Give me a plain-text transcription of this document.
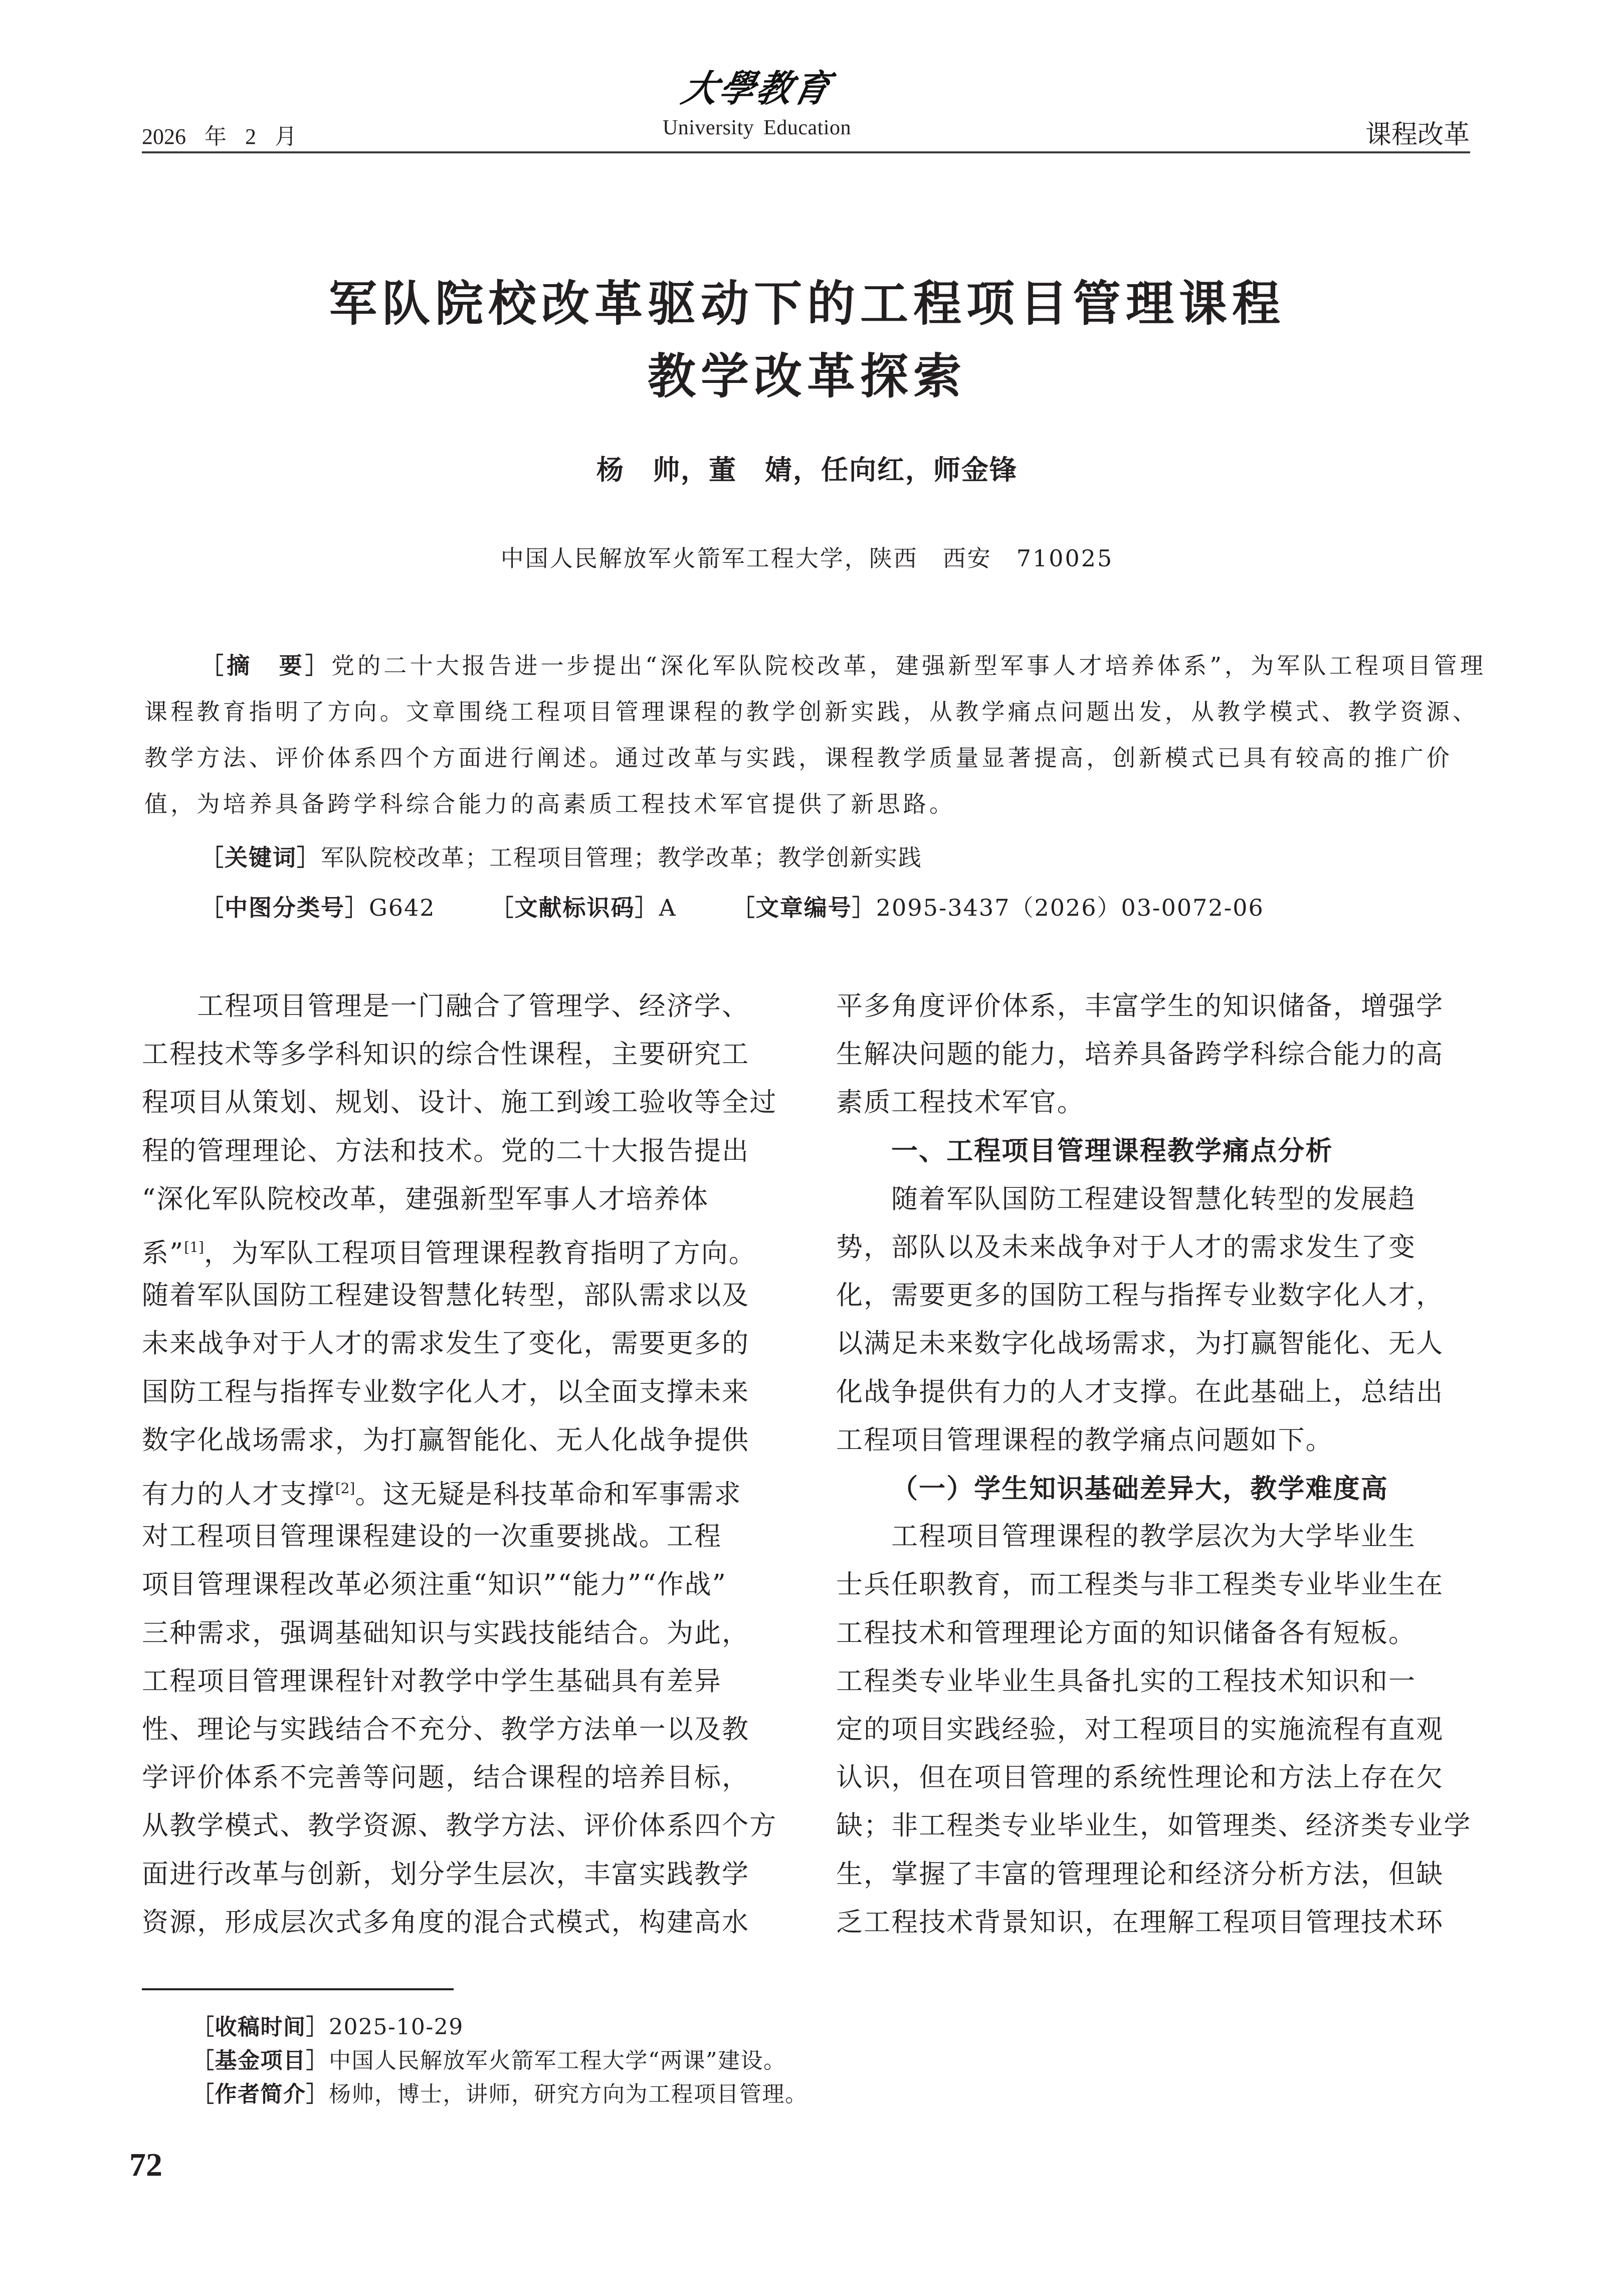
2026 年 2 月
大學教育
University Education	课程改革
军队院校改革驱动下的工程项目管理课程
教学改革探索
杨　帅，董　婧，任向红，师金锋
中国人民解放军火箭军工程大学，陕西　西安　710025
［摘　要］党的二十大报告进一步提出“深化军队院校改革，建强新型军事人才培养体系”，为军队工程项目管理
课程教育指明了方向。文章围绕工程项目管理课程的教学创新实践，从教学痛点问题出发，从教学模式、教学资源、
教学方法、评价体系四个方面进行阐述。通过改革与实践，课程教学质量显著提高，创新模式已具有较高的推广价
值，为培养具备跨学科综合能力的高素质工程技术军官提供了新思路。
［关键词］军队院校改革；工程项目管理；教学改革；教学创新实践
［中图分类号］G642 ［文献标识码］A ［文章编号］2095-3437（2026）03-0072-06
工程项目管理是一门融合了管理学、经济学、
工程技术等多学科知识的综合性课程，主要研究工
程项目从策划、规划、设计、施工到竣工验收等全过
程的管理理论、方法和技术。党的二十大报告提出
“深化军队院校改革，建强新型军事人才培养体
系”[1]，为军队工程项目管理课程教育指明了方向。
随着军队国防工程建设智慧化转型，部队需求以及
未来战争对于人才的需求发生了变化，需要更多的
国防工程与指挥专业数字化人才，以全面支撑未来
数字化战场需求，为打赢智能化、无人化战争提供
有力的人才支撑[2]。这无疑是科技革命和军事需求
对工程项目管理课程建设的一次重要挑战。工程
项目管理课程改革必须注重“知识”“能力”“作战”
三种需求，强调基础知识与实践技能结合。为此，
工程项目管理课程针对教学中学生基础具有差异
性、理论与实践结合不充分、教学方法单一以及教
学评价体系不完善等问题，结合课程的培养目标，
从教学模式、教学资源、教学方法、评价体系四个方
面进行改革与创新，划分学生层次，丰富实践教学
资源，形成层次式多角度的混合式模式，构建高水
平多角度评价体系，丰富学生的知识储备，增强学
生解决问题的能力，培养具备跨学科综合能力的高
素质工程技术军官。
一、工程项目管理课程教学痛点分析
随着军队国防工程建设智慧化转型的发展趋
势，部队以及未来战争对于人才的需求发生了变
化，需要更多的国防工程与指挥专业数字化人才，
以满足未来数字化战场需求，为打赢智能化、无人
化战争提供有力的人才支撑。在此基础上，总结出
工程项目管理课程的教学痛点问题如下。
（一）学生知识基础差异大，教学难度高
工程项目管理课程的教学层次为大学毕业生
士兵任职教育，而工程类与非工程类专业毕业生在
工程技术和管理理论方面的知识储备各有短板。
工程类专业毕业生具备扎实的工程技术知识和一
定的项目实践经验，对工程项目的实施流程有直观
认识，但在项目管理的系统性理论和方法上存在欠
缺；非工程类专业毕业生，如管理类、经济类专业学
生，掌握了丰富的管理理论和经济分析方法，但缺
乏工程技术背景知识，在理解工程项目管理技术环
［收稿时间］2025-10-29
［基金项目］中国人民解放军火箭军工程大学“两课”建设。
［作者简介］杨帅，博士，讲师，研究方向为工程项目管理。
72
